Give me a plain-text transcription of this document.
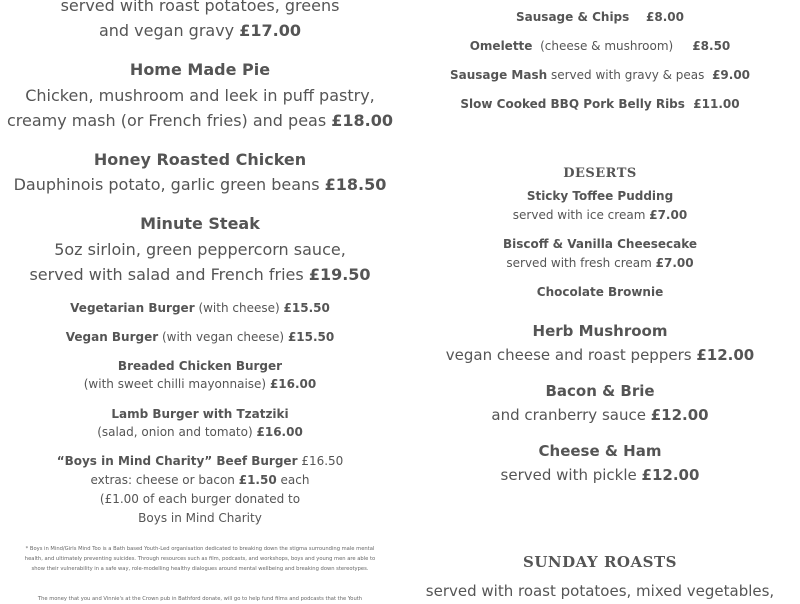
served with roast potatoes, greens
and vegan gravy £17.00
Home Made Pie
Chicken, mushroom and leek in puff pastry,
creamy mash (or French fries) and peas £18.00
Honey Roasted Chicken
Dauphinois potato, garlic green beans £18.50
Minute Steak
5oz sirloin, green peppercorn sauce,
served with salad and French fries £19.50
Vegetarian Burger (with cheese) £15.50
Vegan Burger (with vegan cheese) £15.50
Breaded Chicken Burger
(with sweet chilli mayonnaise) £16.00
Lamb Burger with Tzatziki
(salad, onion and tomato) £16.00
“Boys in Mind Charity” Beef Burger £16.50
extras: cheese or bacon £1.50 each
(£1.00 of each burger donated to
Boys in Mind Charity
* Boys in Mind/Girls Mind Too is a Bath based Youth-Led organisation dedicated to breaking down the stigma surrounding male mental health, and ultimately preventing suicides. Through resources such as film, podcasts, and workshops, boys and young men are able to show their vulnerability in a safe way, role-modelling healthy dialogues around mental wellbeing and breaking down stereotypes.
The money that you and Vinnie's at the Crown pub in Bathford donate, will go to help fund films and podcasts that the Youth
Sausage & Chips £8.00
Omelette (cheese & mushroom) £8.50
Sausage Mash served with gravy & peas £9.00
Slow Cooked BBQ Pork Belly Ribs £11.00
DESERTS
Sticky Toffee Pudding
served with ice cream £7.00
Biscoff & Vanilla Cheesecake
served with fresh cream £7.00
Chocolate Brownie
Herb Mushroom
vegan cheese and roast peppers £12.00
Bacon & Brie
and cranberry sauce £12.00
Cheese & Ham
served with pickle £12.00
SUNDAY ROASTS
served with roast potatoes, mixed vegetables,
